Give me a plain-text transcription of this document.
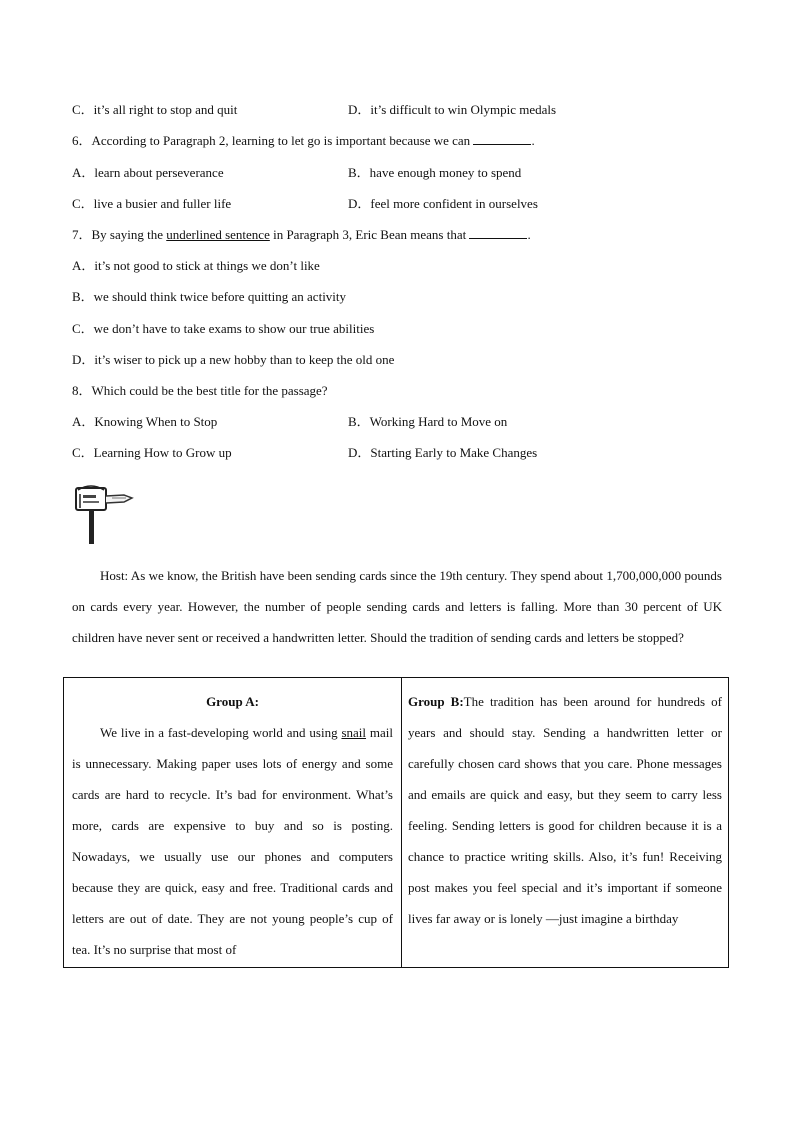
C．it’s all right to stop and quit	D．it’s difficult to win Olympic medals
6．According to Paragraph 2, learning to let go is important because we can	.
A．learn about perseverance	B．have enough money to spend
C．live a busier and fuller life	D．feel more confident in ourselves
7．By saying the underlined sentence in Paragraph 3, Eric Bean means that	.
A．it’s not good to stick at things we don’t like
B．we should think twice before quitting an activity
C．we don’t have to take exams to show our true abilities
D．it’s wiser to pick up a new hobby than to keep the old one
8．Which could be the best title for the passage?
A．Knowing When to Stop	B．Working Hard to Move on
C．Learning How to Grow up	D．Starting Early to Make Changes

Host: As we know, the British have been sending cards since the 19th century. They spend about 1,700,000,000 pounds on cards every year. However, the number of people sending cards and letters is falling. More than 30 percent of UK children have never sent or received a handwritten letter. Should the tradition of sending cards and letters be stopped?

Group A:
We live in a fast-developing world and using snail mail is unnecessary. Making paper uses lots of energy and some cards are hard to recycle. It’s bad for environment. What’s more, cards are expensive to buy and so is posting. Nowadays, we usually use our phones and computers because they are quick, easy and free. Traditional cards and letters are out of date. They are not young people’s cup of tea. It’s no surprise that most of
Group B:The tradition has been around for hundreds of years and should stay. Sending a handwritten letter or carefully chosen card shows that you care. Phone messages and emails are quick and easy, but they seem to carry less feeling. Sending letters is good for children because it is a chance to practice writing skills. Also, it’s fun! Receiving post makes you feel special and it’s important if someone lives far away or is lonely —just imagine a birthday
